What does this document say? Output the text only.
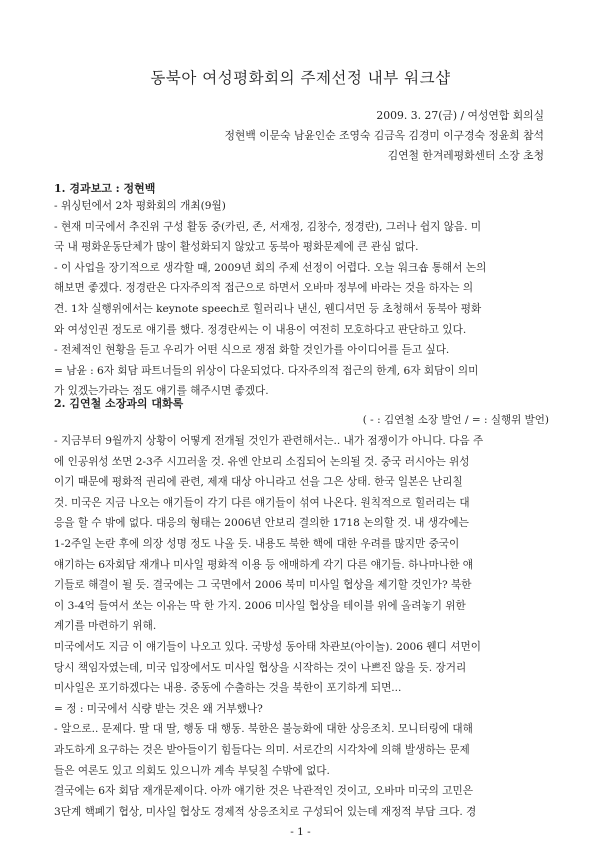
동북아 여성평화회의 주제선정 내부 워크샵
2009. 3. 27(금) / 여성연합 회의실
정현백 이문숙 남윤인순 조영숙 김금옥 김경미 이구경숙 정윤희 참석
김연철 한겨레평화센터 소장 초청
1. 경과보고 : 정현백
- 위싱턴에서 2차 평화회의 개최(9월)
- 현재 미국에서 추진위 구성 활동 중(카린, 존, 서재정, 김창수, 정경란), 그러나 쉽지 않음. 미
국 내 평화운동단체가 많이 활성화되지 않았고 동북아 평화문제에 큰 관심 없다.
- 이 사업을 장기적으로 생각할 때, 2009년 회의 주제 선정이 어렵다. 오늘 워크숍 통해서 논의
해보면 좋겠다. 정경란은 다자주의적 접근으로 하면서 오바마 정부에 바라는 것을 하자는 의
견. 1차 실행위에서는 keynote speech로 힐러리나 낸신, 웬디셔먼 등 초청해서 동북아 평화
와 여성인권 정도로 얘기를 했다. 정경란씨는 이 내용이 여전히 모호하다고 판단하고 있다.
- 전체적인 현황을 듣고 우리가 어떤 식으로 쟁점 화할 것인가를 아이디어를 듣고 싶다.
= 남윤 : 6자 회담 파트너들의 위상이 다운되었다. 다자주의적 접근의 한계, 6자 회담이 의미
가 있겠는가라는 점도 얘기를 해주시면 좋겠다.
2. 김연철 소장과의 대화록
( - : 김연철 소장 발언 / = : 실행위 발언)
- 지금부터 9월까지 상황이 어떻게 전개될 것인가 관련해서는.. 내가 점쟁이가 아니다. 다음 주
에 인공위성 쏘면 2-3주 시끄러울 것. 유엔 안보리 소집되어 논의될 것. 중국 러시아는 위성
이기 때문에 평화적 권리에 관련, 제재 대상 아니라고 선을 그은 상태. 한국 일본은 난리칠
것. 미국은 지금 나오는 얘기들이 각기 다른 얘기들이 섞여 나온다. 원칙적으로 힐러리는 대
응을 할 수 밖에 없다. 대응의 형태는 2006년 안보리 결의한 1718 논의할 것. 내 생각에는
1-2주일 논란 후에 의장 성명 정도 나올 듯. 내용도 북한 핵에 대한 우려를 많지만 중국이
얘기하는 6자회담 재개나 미사일 평화적 이용 등 애매하게 각기 다른 얘기들. 하나마나한 얘
기들로 해결이 될 듯. 결국에는 그 국면에서 2006 북미 미사일 협상을 제기할 것인가? 북한
이 3-4억 들여서 쏘는 이유는 딱 한 가지. 2006 미사일 협상을 테이블 위에 올려놓기 위한
계기를 마련하기 위해.
미국에서도 지금 이 얘기들이 나오고 있다. 국방성 동아태 차관보(아이놀). 2006 웬디 셔먼이
당시 책임자였는데, 미국 입장에서도 미사일 협상을 시작하는 것이 나쁘진 않을 듯. 장거리
미사일은 포기하겠다는 내용. 중동에 수출하는 것을 북한이 포기하게 되면...
= 정 : 미국에서 식량 받는 것은 왜 거부했나?
- 알으로.. 문제다. 딸 대 딸, 행동 대 행동. 북한은 불능화에 대한 상응조치. 모니터링에 대해
과도하게 요구하는 것은 받아들이기 힘들다는 의미. 서로간의 시각차에 의해 발생하는 문제
들은 여론도 있고 의회도 있으니까 계속 부딪칠 수밖에 없다.
결국에는 6자 회담 재개문제이다. 아까 얘기한 것은 낙관적인 것이고, 오바마 미국의 고민은
3단계 핵폐기 협상, 미사일 협상도 경제적 상응조치로 구성되어 있는데 재정적 부담 크다. 경
- 1 -
